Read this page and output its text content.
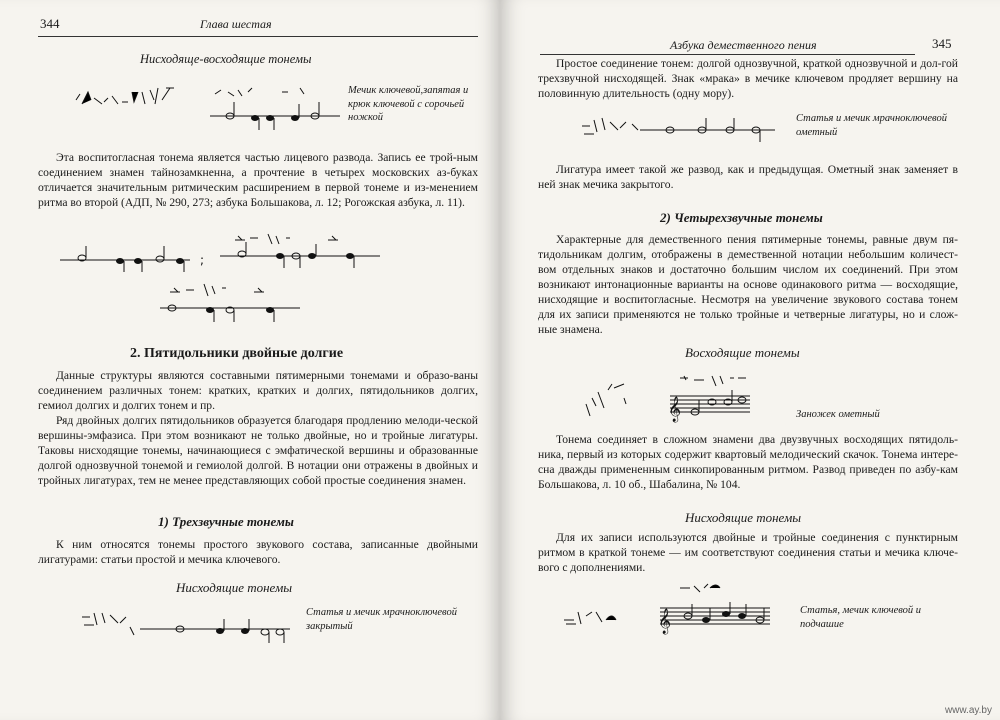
344	Глава шестая
Нисходяще-восходящие тонемы
Мечик ключевой,запятая и крюк ключевой с сорочьей ножкой
Эта воспитогласная тонема является частью лицевого развода. Запись ее трой-ным соединением знамен тайнозамкненна, а прочтение в четырех московских аз-буках отличается значительным ритмическим расширением в первой тонеме и из-менением ритма во второй (АДП, № 290, 273; азбука Большакова, л. 12; Рогожская азбука, л. 11).
;
2. Пятидольники двойные долгие
Данные структуры являются составными пятимерными тонемами и образо-ваны соединением различных тонем: кратких, кратких и долгих, пятидольников долгих, гемиол долгих и долгих тонем и пр.
Ряд двойных долгих пятидольников образуется благодаря продлению мелоди-ческой вершины-эмфазиса. При этом возникают не только двойные, но и тройные лигатуры. Таковы нисходящие тонемы, начинающиеся с эмфатической вершины и образованные долгой однозвучной тонемой и гемиолой долгой. В нотации они отражены в двойных и тройных лигатурах, тем не менее представляющих собой простые соединения знамен.
1) Трехзвучные тонемы
К ним относятся тонемы простого звукового состава, записанные двойными лигатурами: статьи простой и мечика ключевого.
Нисходящие тонемы
Статья и мечик мрачноключевой закрытый
Азбука демественного пения	345
Простое соединение тонем: долгой однозвучной, краткой однозвучной и дол-гой трехзвучной нисходящей. Знак «мрака» в мечике ключевом продляет вершину на половинную длительность (одну мору).
Статья и мечик мрачноключевой ометный
Лигатура имеет такой же развод, как и предыдущая. Ометный знак заменяет в ней знак мечика закрытого.
2) Четырехзвучные тонемы
Характерные для демественного пения пятимерные тонемы, равные двум пя-тидольникам долгим, отображены в демественной нотации небольшим количест-вом отдельных знаков и достаточно большим числом их соединений. При этом возникают интонационные варианты на основе одинакового ритма — восходящие, нисходящие и воспитогласные. Несмотря на увеличение звукового состава тонем для их записи применяются не только тройные и четверные лигатуры, но и слож-ные знамена.
Восходящие тонемы
𝄞	Заножек ометный
Тонема соединяет в сложном знамени два двузвучных восходящих пятидоль-ника, первый из которых содержит квартовый мелодический скачок. Тонема интере-сна дважды примененным синкопированным ритмом. Развод приведен по азбу-кам Большакова, л. 10 об., Шабалина, № 104.
Нисходящие тонемы
Для их записи используются двойные и тройные соединения с пунктирным ритмом в краткой тонеме — им соответствуют соединения статьи и мечика ключе-вого с дополнениями.
𝄞	Статья, мечик ключевой и подчашие
www.ay.by
